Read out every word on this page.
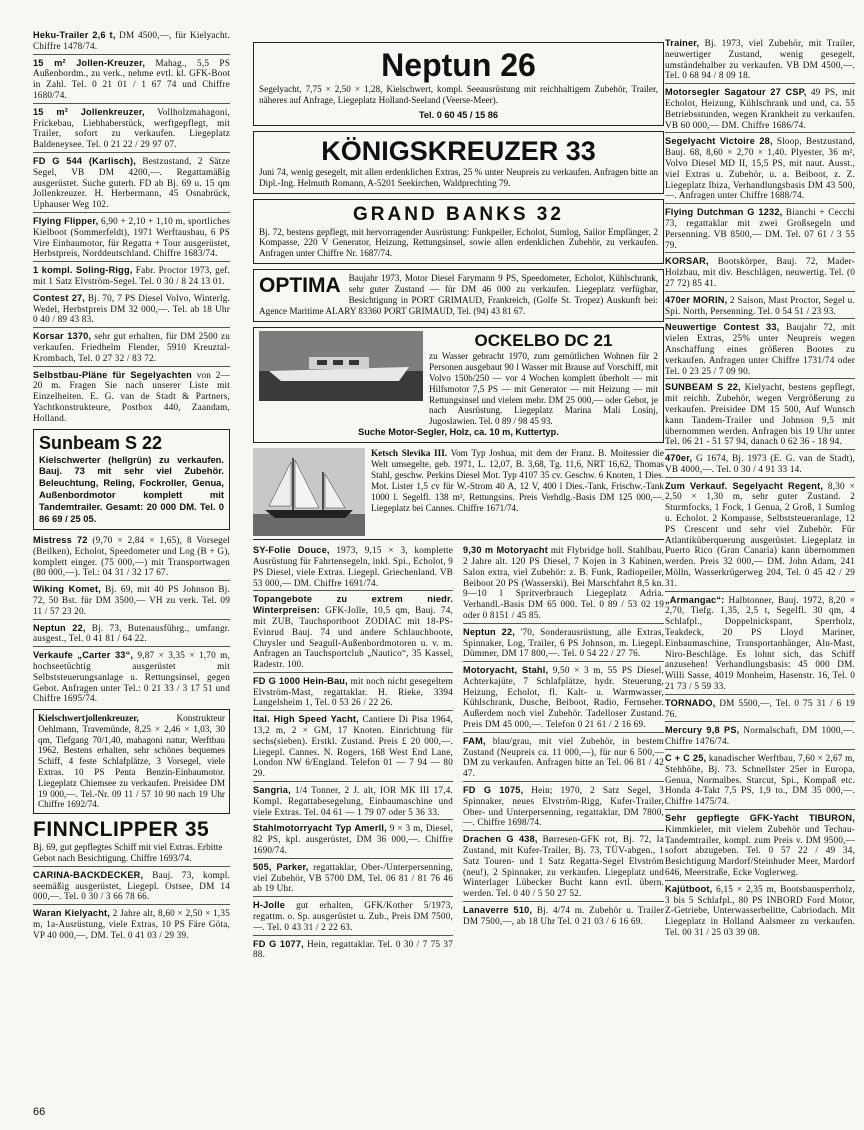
Heku-Trailer 2,6 t, DM 4500,—, für Kielyacht. Chiffre 1478/74.
15 m² Jollen-Kreuzer, Mahag., 5,5 PS Außenbordm., zu verk., nehme evtl. kl. GFK-Boot in Zahl. Tel. 0 21 01 / 1 67 74 und Chiffre 1680/74.
15 m² Jollenkreuzer, Vollholzmahagoni, Frickebau, Liebhaberstück, werftgepflegt, mit Trailer, sofort zu verkaufen. Liegeplatz Baldeneysee. Tel. 0 21 22 / 29 97 07.
FD G 544 (Karlisch), Bestzustand, 2 Sätze Segel, VB DM 4200,—. Regattamäßig ausgerüstet. Suche guterh. FD ab Bj. 69 u. 15 qm Jollenkreuzer. H. Herbermann, 45 Osnabrück, Uphauser Weg 102.
Flying Flipper, 6,90 + 2,10 + 1,10 m, sportliches Kielboot (Sommerfeldt), 1971 Werftausbau, 6 PS Vire Einbaumotor, für Regatta + Tour ausgerüstet, Herbstpreis, Norddeutschland. Chiffre 1683/74.
1 kompl. Soling-Rigg, Fabr. Proctor 1973, gef. mit 1 Satz Elvström-Segel. Tel. 0 30 / 8 24 13 01.
Contest 27, Bj. 70, 7 PS Diesel Volvo, Winterlg. Wedel, Herbstpreis DM 32 000,—. Tel. ab 18 Uhr 0 40 / 89 43 83.
Korsar 1370, sehr gut erhalten, für DM 2500 zu verkaufen. Friedhelm Flender, 5910 Kreuztal-Krombach, Tel. 0 27 32 / 83 72.
Selbstbau-Pläne für Segelyachten von 2—20 m. Fragen Sie nach unserer Liste mit Einzelheiten. E. G. van de Stadt & Partners, Yachtkonstrukteure, Postbox 440, Zaandam, Holland.
Sunbeam S 22
Kielschwerter (hellgrün) zu verkaufen. Bauj. 73 mit sehr viel Zubehör. Beleuchtung, Reling, Fockroller, Genua, Außenbordmotor komplett mit Tandemtrailer. Gesamt: 20 000 DM. Tel. 0 86 69 / 25 05.
Mistress 72 (9,70 × 2,84 × 1,65), 8 Vorsegel (Beilken), Echolot, Speedometer und Log (B + G), komplett einger. (75 000,—) mit Transportwagen (80 000,—). Tel.: 04 31 / 32 17 67.
Wiking Komet, Bj. 69, mit 40 PS Johnson Bj. 72, 50 Bst. für DM 3500,— VH zu verk. Tel. 09 11 / 57 23 20.
Neptun 22, Bj. 73, Butenausführg., umfangr. ausgest., Tel. 0 41 81 / 64 22.
Verkaufe „Carter 33“, 9,87 × 3,35 × 1,70 m, hochseetüchtig ausgerüstet mit Selbststeuerungsanlage u. Rettungsinsel, gegen Gebot. Anfragen unter Tel.: 0 21 33 / 3 17 51 und Chiffre 1695/74.
Kielschwertjollenkreuzer, Konstrukteur Oehlmann, Travemünde, 8,25 × 2,46 × 1,03, 30 qm, Tiefgang 70/1,40, mahagoni natur, Werftbau 1962. Bestens erhalten, sehr schönes bequemes Schiff, 4 feste Schlafplätze, 3 Vorsegel, viele Extras. 10 PS Penta Benzin-Einbaumotor. Liegeplatz Chiemsee zu verkaufen. Preisidee DM 19 000,—. Tel.-Nr. 09 11 / 57 10 90 nach 19 Uhr Chiffre 1692/74.
FINNCLIPPER 35
Bj. 69, gut gepflegtes Schiff mit viel Extras. Erbitte Gebot nach Besichtigung. Chiffre 1693/74.
CARINA-BACKDECKER, Bauj. 73, kompl. seemäßig ausgerüstet, Liegepl. Ostsee, DM 14 000,—. Tel. 0 30 / 3 66 78 66.
Waran Kielyacht, 2 Jahre alt, 8,60 × 2,50 × 1,35 m, 1a-Ausrüstung, viele Extras, 10 PS Färe Göta, VP 40 000,—, DM. Tel. 0 41 03 / 29 39.
Neptun 26
Segelyacht, 7,75 × 2,50 × 1,28, Kielschwert, kompl. Seeausrüstung mit reichhaltigem Zubehör, Trailer, näheres auf Anfrage, Liegeplatz Holland-Seeland (Veerse-Meer).
Tel. 0 60 45 / 15 86
KÖNIGSKREUZER 33
Juni 74, wenig gesegelt, mit allen erdenklichen Extras, 25 % unter Neupreis zu verkaufen. Anfragen bitte an Dipl.-Ing. Helmuth Romann, A-5201 Seekirchen, Waldprechting 79.
GRAND BANKS 32
Bj. 72, bestens gepflegt, mit hervorragender Ausrüstung: Funkpeiler, Echolot, Sumlog, Sailor Empfänger, 2 Kompasse, 220 V Generator, Heizung, Rettungsinsel, sowie allen erdenklichen Zubehör, zu verkaufen. Anfragen unter Chiffre Nr. 1687/74.
OPTIMA Baujahr 1973, Motor Diesel Farymann 9 PS, Speedometer, Echolot, Kühlschrank, sehr guter Zustand — für DM 46 000 zu verkaufen. Liegeplatz verfügbar, Besichtigung in PORT GRIMAUD, Frankreich, (Golfe St. Tropez) Auskunft bei: Agence Maritime ALARY 83360 PORT GRIMAUD, Tel. (94) 43 81 67.
OCKELBO DC 21
zu Wasser gebracht 1970, zum gemütlichen Wohnen für 2 Personen ausgebaut 90 l Wasser mit Brause auf Vorschiff, mit Volvo 150b/250 — vor 4 Wochen komplett überholt — mit Hilfsmotor 7,5 PS — mit Generator — mit Heizung — mit Rettungsinsel und vielem mehr. DM 25 000,— oder Gebot, je nach Ausrüstung. Liegeplatz Marina Mali Losinj, Jugoslawien. Tel. 0 89 / 98 45 93.
Suche Motor-Segler, Holz, ca. 10 m, Kuttertyp.
Ketsch Slevika III. Vom Typ Joshua, mit dem der Franz. B. Moitessier die Welt umsegelte, geb. 1971, L. 12,07, B. 3,68, Tg. 11,6, NRT 16,62, Thomas Stahl, geschw. Perkins Diesel Mot. Typ 4107 35 cv. Geschw. 6 Knoten, 1 Dies. Mot. Lister 1,5 cv für W.-Strom 40 A, 12 V, 400 l Dies.-Tank, Frischw.-Tank 1000 l. Segelfl. 138 m², Rettungsins. Preis Verhdlg.-Basis DM 125 000,—. Liegeplatz bei Cannes. Chiffre 1671/74.
SY-Folie Douce, 1973, 9,15 × 3, komplette Ausrüstung für Fahrtensegeln, inkl. Spi., Echolot, 9 PS Diesel, viele Extras. Liegepl. Griechenland. VB 53 000,— DM. Chiffre 1691/74.
Topangebote zu extrem niedr. Winterpreisen: GFK-Jolle, 10,5 qm, Bauj. 74, mit ZUB, Tauchsportboot ZODIAC mit 18-PS-Evinrud Bauj. 74 und andere Schlauchboote, Chrysler und Seagull-Außenbordmotoren u. v. m. Anfragen an Tauchsportclub „Nautico“, 35 Kassel, Radestr. 100.
FD G 1000 Hein-Bau, mit noch nicht gesegeltem Elvström-Mast, regattaklar. H. Rieke, 3394 Langelsheim 1, Tel. 0 53 26 / 22 26.
Ital. High Speed Yacht, Cantiere Di Pisa 1964, 13,2 m, 2 × GM, 17 Knoten. Einrichtung für sechs(sieben). Erstkl. Zustand. Preis £ 20 000,—. Liegepl. Cannes. N. Rogers, 168 West End Lane, London NW 6/England. Telefon 01 — 7 94 — 80 29.
Sangria, 1/4 Tonner, 2 J. alt, IOR MK III 17,4. Kompl. Regattabesegelung, Einbaumaschine und viele Extras. Tel. 04 61 — 1 79 07 oder 5 36 33.
Stahlmotorryacht Typ Amerll, 9 × 3 m, Diesel, 82 PS, kpl. ausgerüstet, DM 36 000,—. Chiffre 1690/74.
505, Parker, regattaklar, Ober-/Unterpersenning, viel Zubehör, VB 5700 DM, Tel. 06 81 / 81 76 46 ab 19 Uhr.
H-Jolle gut erhalten, GFK/Kother 5/1973, regattm. o. Sp. ausgerüstet u. Zub., Preis DM 7500,—. Tel. 0 43 31 / 2 22 63.
FD G 1077, Hein, regattaklar. Tel. 0 30 / 7 75 37 88.
9,30 m Motoryacht mit Flybridge holl. Stahlbau, 2 Jahre alt. 120 PS Diesel, 7 Kojen in 3 Kabinen, Salon extra, viel Zubehör: z. B. Funk, Radiopeiler, Beiboot 20 PS (Wasserski). Bei Marschfahrt 8,5 kn. 9—10 l Spritverbrauch Liegeplatz Adria. Verhandl.-Basis DM 65 000. Tel. 0 89 / 53 02 19 oder 0 8151 / 45 85.
Neptun 22, '70, Sonderausrüstung, alle Extras, Spinnaker, Log, Trailer, 6 PS Johnson, m. Liegepl. Dümmer, DM 17 800,—. Tel. 0 54 22 / 27 76.
Motoryacht, Stahl, 9,50 × 3 m, 55 PS Diesel, Achterkajüte, 7 Schlafplätze, hydr. Steuerung, Heizung, Echolot, fl. Kalt- u. Warmwasser, Kühlschrank, Dusche, Beiboot, Radio, Fernseher. Außerdem noch viel Zubehör. Tadelloser Zustand. Preis DM 45 000,—. Telefon 0 21 61 / 2 16 69.
FAM, blau/grau, mit viel Zubehör, in bestem Zustand (Neupreis ca. 11 000,—), für nur 6 500,— DM zu verkaufen. Anfragen bitte an Tel. 06 81 / 42 47.
FD G 1075, Hein; 1970, 2 Satz Segel, 3 Spinnaker, neues Elvström-Rigg, Kufer-Trailer, Ober- und Unterpersenning, regattaklar, DM 7800,—. Chiffre 1698/74.
Drachen G 438, Børresen-GFK rot, Bj. 72, Ia Zustand, mit Kufer-Trailer, Bj. 73, TÜV-abgen., 1 Satz Touren- und 1 Satz Regatta-Segel Elvström (neu!), 2 Spinnaker, zu verkaufen. Liegeplatz und Winterlager Lübecker Bucht kann evtl. übern. werden. Tel. 0 40 / 5 50 27 52.
Lanaverre 510, Bj. 4/74 m. Zubehör u. Trailer DM 7500,—, ab 18 Uhr Tel. 0 21 03 / 6 16 69.
Trainer, Bj. 1973, viel Zubehör, mit Trailer, neuwertiger Zustand, wenig gesegelt, umständehalber zu verkaufen. VB DM 4500,—. Tel. 0 68 94 / 8 09 18.
Motorsegler Sagatour 27 CSP, 49 PS, mit Echolot, Heizung, Kühlschrank und und, ca. 55 Betriebsstunden, wegen Krankheit zu verkaufen. VB 60 000,— DM. Chiffre 1686/74.
Segelyacht Victoire 28, Sloop, Bestzustand, Bauj. 68, 8,60 × 2,70 × 1,40. Plyester, 36 m², Volvo Diesel MD II, 15,5 PS, mit naut. Ausst., viel Extras u. Zubehör, u. a. Beiboot, z. Z. Liegeplatz Ibiza, Verhandlungsbasis DM 43 500,—. Anfragen unter Chiffre 1688/74.
Flying Dutchman G 1232, Bianchi + Cecchi 73, regattaklar mit zwei Großsegeln und Persenning. VB 8500,— DM. Tel. 07 61 / 3 55 79.
KORSAR, Bootskörper, Bauj. 72, Mader-Holzbau, mit div. Beschlägen, neuwertig. Tel. (0 27 72) 85 41.
470er MORIN, 2 Saison, Mast Proctor, Segel u. Spi. North, Persenning. Tel. 0 54 51 / 23 93.
Neuwertige Contest 33, Baujahr 72, mit vielen Extras, 25% unter Neupreis wegen Anschaffung eines größeren Bootes zu verkaufen. Anfragen unter Chiffre 1731/74 oder Tel. 0 23 25 / 7 09 90.
SUNBEAM S 22, Kielyacht, bestens gepflegt, mit reichh. Zubehör, wegen Vergrößerung zu verkaufen. Preisidee DM 15 500, Auf Wunsch kann Tandem-Trailer und Johnson 9,5 mit übernommen werden. Anfragen bis 19 Uhr unter Tel. 06 21 - 51 57 94, danach 0 62 36 - 18 94.
470er, G 1674, Bj. 1973 (E. G. van de Stadt), VB 4000,—. Tel. 0 30 / 4 91 33 14.
Zum Verkauf. Segelyacht Regent, 8,30 × 2,50 × 1,30 m, sehr guter Zustand. 2 Sturmfocks, 1 Fock, 1 Genua, 2 Groß, 1 Sumlog u. Echolot. 2 Kompasse, Selbststeueranlage, 12 PS Crescent und sehr viel Zubehör. Für Atlantiküberquerung ausgerüstet. Liegeplatz in Puerto Rico (Gran Canaria) kann übernommen werden. Preis 32 000,— DM. John Adam, 241 Mölln, Wasserkrügerweg 204, Tel. 0 45 42 / 29 31.
„Armangac“: Halbtonner, Bauj. 1972, 8,20 × 2,70, Tiefg. 1,35, 2,5 t, Segelfl. 30 qm, 4 Schlafpl., Doppelnickspant, Sperrholz, Teakdeck, 20 PS Lloyd Mariner, Einbaumaschine, Transportanhänger, Alu-Mast, Niro-Beschläge. Es lohnt sich, das Schiff anzusehen! Verhandlungsbasis: 45 000 DM. Willi Sasse, 4019 Monheim, Hasenstr. 16, Tel. 0 21 73 / 5 59 33.
TORNADO, DM 5500,—, Tel. 0 75 31 / 6 19 76.
Mercury 9,8 PS, Normalschaft, DM 1000,—. Chiffre 1476/74.
C + C 25, kanadischer Werftbau, 7,60 × 2,67 m, Stehhöhe, Bj. 73. Schnellster 25er in Europa, Genua, Normalbes. Starcut, Spi., Kompaß etc. Honda 4-Takt 7,5 PS, 1,9 to., DM 35 000,—. Chiffre 1475/74.
Sehr gepflegte GFK-Yacht TIBURON, Kimmkieler, mit vielem Zubehör und Techau-Tandemtrailer, kompl. zum Preis v. DM 9500,— sofort abzugeben. Tel. 0 57 22 / 49 34, Besichtigung Mardorf/Steinhuder Meer, Mardorf 646, Meerstraße, Ecke Voglerweg.
Kajütboot, 6,15 × 2,35 m, Bootsbausperrholz, 3 bis 5 Schlafpl., 80 PS INBORD Ford Motor, Z-Getriebe, Unterwasserbelitte, Cabriodach. Mit Liegeplatz in Holland Aalsmeer zu verkaufen. Tel. 00 31 / 25 03 39 08.
66
